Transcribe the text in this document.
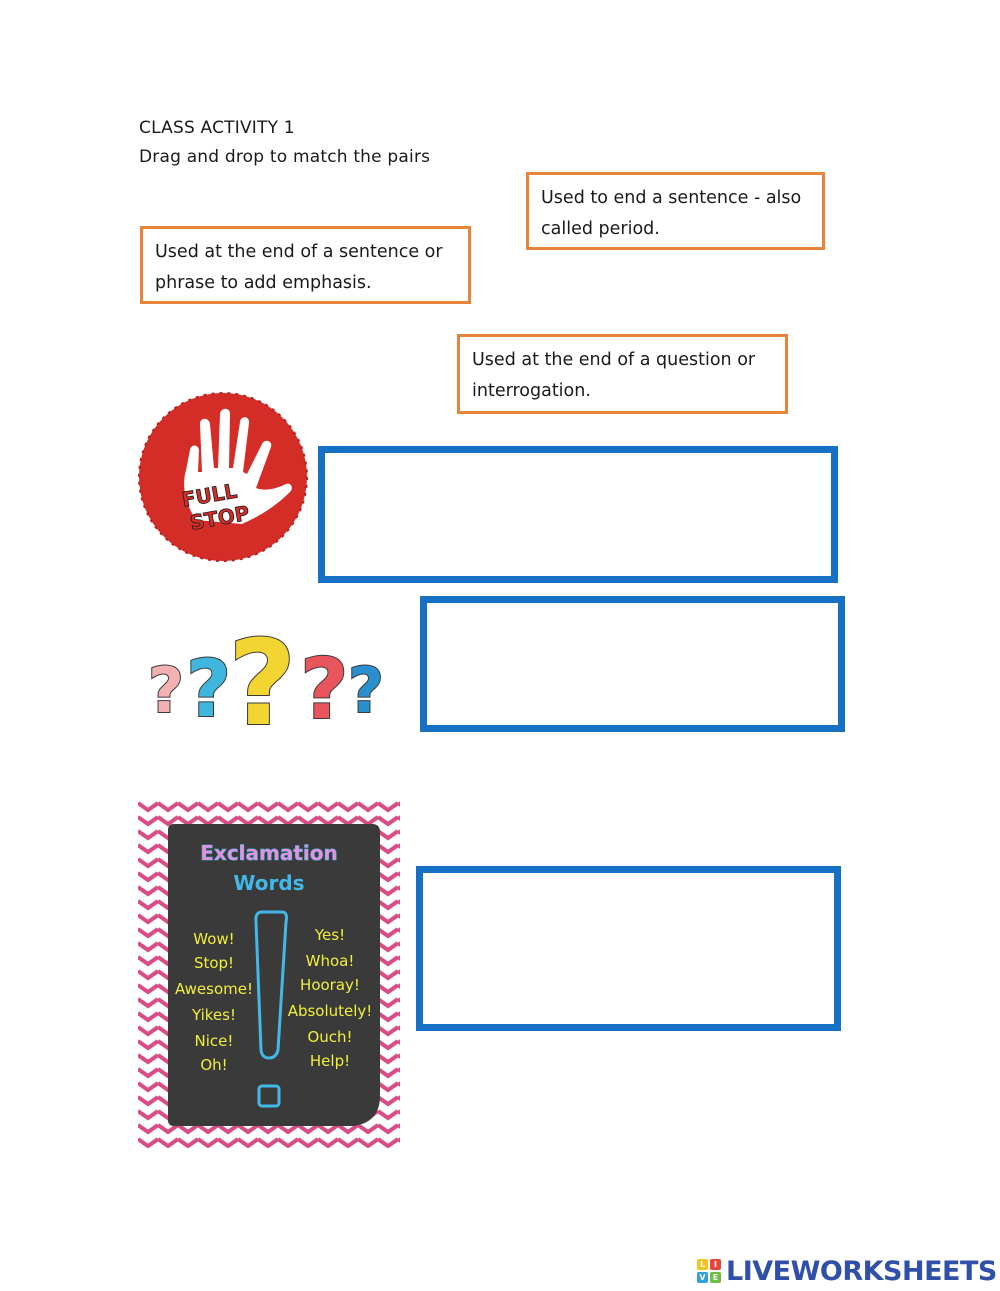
CLASS ACTIVITY 1
Drag and drop to match the pairs
Used to end a sentence - also
called period.
Used at the end of a sentence or
phrase to add emphasis.
Used at the end of a question or
interrogation.
FULL
STOP
? ?
? ? ?
Exclamation
Words
Wow!
Stop!
Awesome!
Yikes!
Nice!
Oh!
Yes!
Whoa!
Hooray!
Absolutely!
Ouch!
Help!
L	I
V E LIVEWORKSHEETS
